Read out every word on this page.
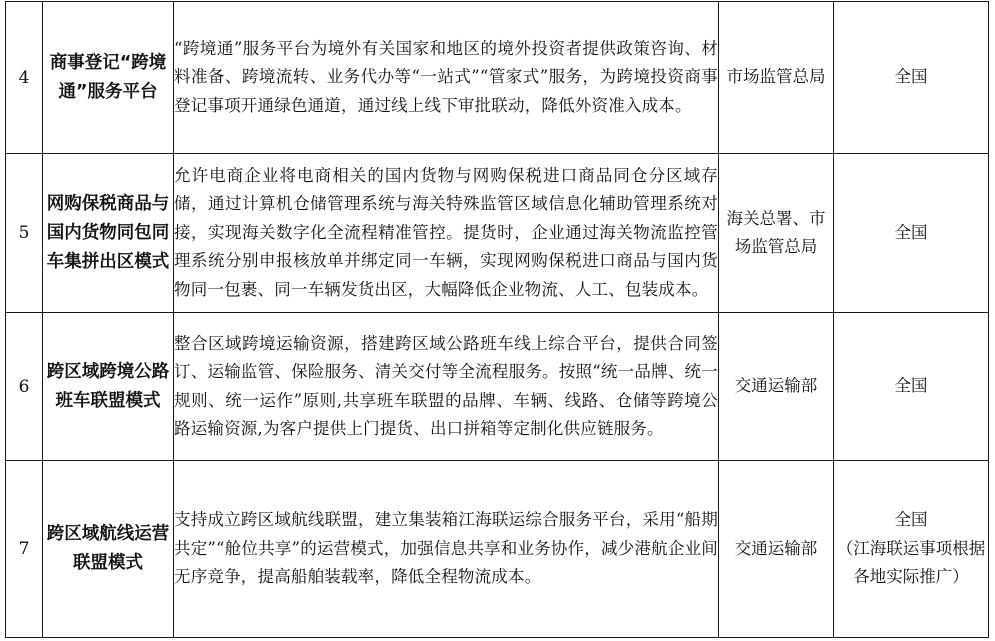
4	商事登记“跨境通”服务平台	“跨境通”服务平台为境外有关国家和地区的境外投资者提供政策咨询、材料准备、跨境流转、业务代办等“一站式”“管家式”服务，为跨境投资商事登记事项开通绿色通道，通过线上线下审批联动，降低外资准入成本。	市场监管总局	全国

5	网购保税商品与国内货物同包同车集拼出区模式	允许电商企业将电商相关的国内货物与网购保税进口商品同仓分区域存储，通过计算机仓储管理系统与海关特殊监管区域信息化辅助管理系统对接，实现海关数字化全流程精准管控。提货时，企业通过海关物流监控管理系统分别申报核放单并绑定同一车辆，实现网购保税进口商品与国内货物同一包裹、同一车辆发货出区，大幅降低企业物流、人工、包装成本。	海关总署、市场监管总局	全国

6	跨区域跨境公路班车联盟模式	整合区域跨境运输资源，搭建跨区域公路班车线上综合平台，提供合同签订、运输监管、保险服务、清关交付等全流程服务。按照“统一品牌、统一规则、统一运作”原则,共享班车联盟的品牌、车辆、线路、仓储等跨境公路运输资源,为客户提供上门提货、出口拼箱等定制化供应链服务。	交通运输部	全国

7	跨区域航线运营联盟模式	支持成立跨区域航线联盟，建立集装箱江海联运综合服务平台，采用“船期共定”“舱位共享”的运营模式，加强信息共享和业务协作，减少港航企业间无序竞争，提高船舶装载率，降低全程物流成本。	交通运输部	全国
（江海联运事项根据各地实际推广）
